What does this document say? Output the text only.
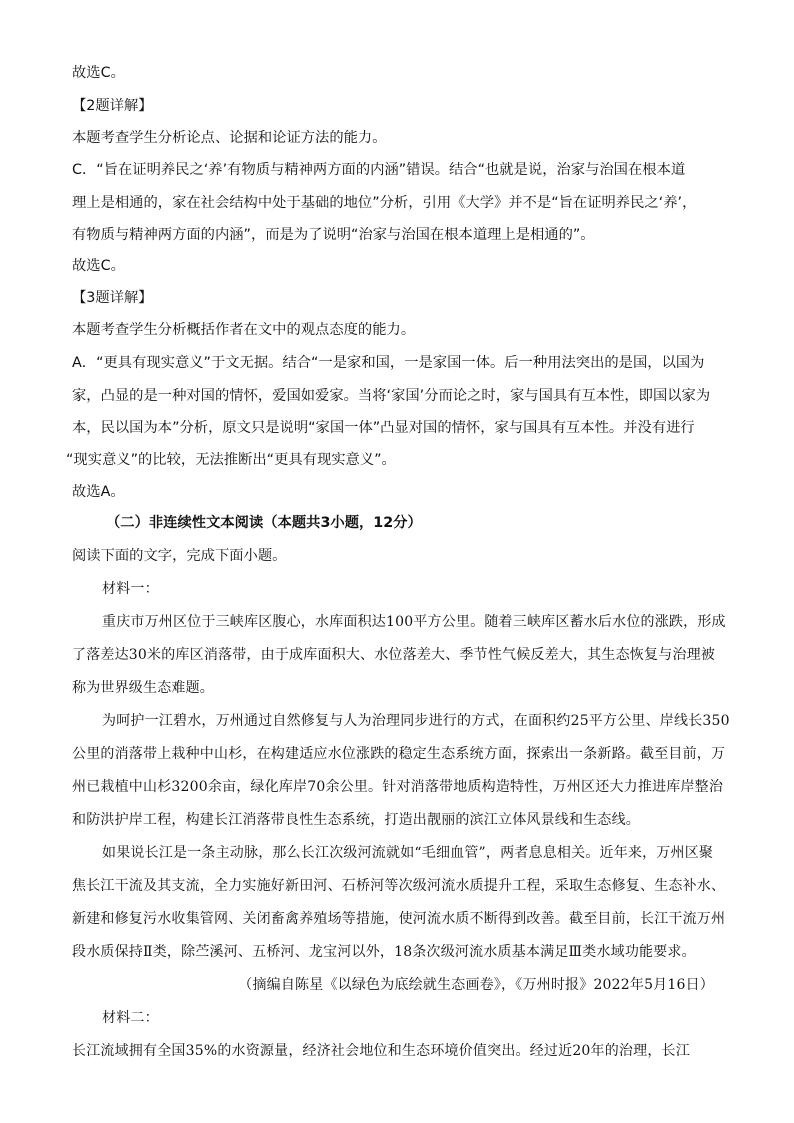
故选C。
【2题详解】
本题考查学生分析论点、论据和论证方法的能力。
C．“旨在证明养民之‘养’有物质与精神两方面的内涵”错误。结合“也就是说，治家与治国在根本道
理上是相通的，家在社会结构中处于基础的地位”分析，引用《大学》并不是“旨在证明养民之‘养’，
有物质与精神两方面的内涵”，而是为了说明“治家与治国在根本道理上是相通的”。
故选C。
【3题详解】
本题考查学生分析概括作者在文中的观点态度的能力。
A．“更具有现实意义”于文无据。结合“一是家和国，一是家国一体。后一种用法突出的是国，以国为
家，凸显的是一种对国的情怀，爱国如爱家。当将‘家国’分而论之时，家与国具有互本性，即国以家为
本，民以国为本”分析，原文只是说明“家国一体”凸显对国的情怀，家与国具有互本性。并没有进行
“现实意义”的比较，无法推断出“更具有现实意义”。
故选A。
（二）非连续性文本阅读（本题共3小题，12分）
阅读下面的文字，完成下面小题。
材料一：
重庆市万州区位于三峡库区腹心，水库面积达100平方公里。随着三峡库区蓄水后水位的涨跌，形成
了落差达30米的库区消落带，由于成库面积大、水位落差大、季节性气候反差大，其生态恢复与治理被
称为世界级生态难题。
为呵护一江碧水，万州通过自然修复与人为治理同步进行的方式，在面积约25平方公里、岸线长350
公里的消落带上栽种中山杉，在构建适应水位涨跌的稳定生态系统方面，探索出一条新路。截至目前，万
州已栽植中山杉3200余亩，绿化库岸70余公里。针对消落带地质构造特性，万州区还大力推进库岸整治
和防洪护岸工程，构建长江消落带良性生态系统，打造出靓丽的滨江立体风景线和生态线。
如果说长江是一条主动脉，那么长江次级河流就如“毛细血管”，两者息息相关。近年来，万州区聚
焦长江干流及其支流，全力实施好新田河、石桥河等次级河流水质提升工程，采取生态修复、生态补水、
新建和修复污水收集管网、关闭畜禽养殖场等措施，使河流水质不断得到改善。截至目前，长江干流万州
段水质保持Ⅱ类，除苎溪河、五桥河、龙宝河以外，18条次级河流水质基本满足Ⅲ类水域功能要求。
（摘编自陈星《以绿色为底绘就生态画卷》，《万州时报》2022年5月16日）
材料二：
长江流域拥有全国35%的水资源量，经济社会地位和生态环境价值突出。经过近20年的治理，长江
